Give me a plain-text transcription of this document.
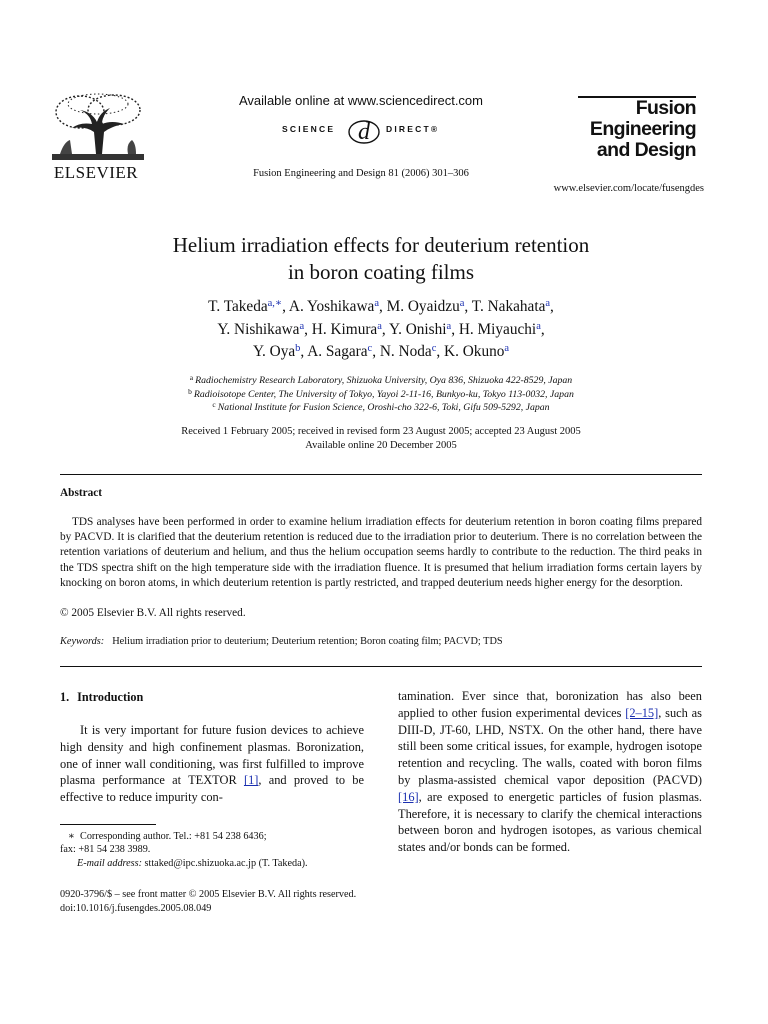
ELSEVIER
Available online at www.sciencedirect.com
SCIENCE d DIRECT®
Fusion Engineering and Design 81 (2006) 301–306
Fusion
Engineering
and Design
www.elsevier.com/locate/fusengdes
Helium irradiation effects for deuterium retention
in boron coating films
T. Takeda$^{a,∗}$, A. Yoshikawa$^a$, M. Oyaidzu$^a$, T. Nakahata$^a$,
Y. Nishikawa$^a$, H. Kimura$^a$, Y. Onishi$^a$, H. Miyauchi$^a$,
Y. Oya$^b$, A. Sagara$^c$, N. Noda$^c$, K. Okuno$^a$
$^a$ Radiochemistry Research Laboratory, Shizuoka University, Oya 836, Shizuoka 422-8529, Japan
$^b$ Radioisotope Center, The University of Tokyo, Yayoi 2-11-16, Bunkyo-ku, Tokyo 113-0032, Japan
$^c$ National Institute for Fusion Science, Oroshi-cho 322-6, Toki, Gifu 509-5292, Japan
Received 1 February 2005; received in revised form 23 August 2005; accepted 23 August 2005
Available online 20 December 2005
Abstract
TDS analyses have been performed in order to examine helium irradiation effects for deuterium retention in boron coating films prepared by PACVD. It is clarified that the deuterium retention is reduced due to the irradiation prior to deuterium. There is no correlation between the retention variations of deuterium and helium, and thus the helium occupation seems hardly to contribute to the reduction. The third peaks in the TDS spectra shift on the high temperature side with the irradiation fluence. It is presumed that helium irradiation forms certain layers by knocking on boron atoms, in which deuterium retention is partly restricted, and trapped deuterium needs higher energy for the desorption.
© 2005 Elsevier B.V. All rights reserved.
Keywords: Helium irradiation prior to deuterium; Deuterium retention; Boron coating film; PACVD; TDS
1. Introduction
It is very important for future fusion devices to achieve high density and high confinement plasmas. Boronization, one of inner wall conditioning, was first fulfilled to improve plasma performance at TEXTOR [1], and proved to be effective to reduce impurity con-
∗ Corresponding author. Tel.: +81 54 238 6436;
fax: +81 54 238 3989.
E-mail address: sttaked@ipc.shizuoka.ac.jp (T. Takeda).
0920-3796/$ – see front matter © 2005 Elsevier B.V. All rights reserved.
doi:10.1016/j.fusengdes.2005.08.049
tamination. Ever since that, boronization has also been applied to other fusion experimental devices [2–15], such as DIII-D, JT-60, LHD, NSTX. On the other hand, there have still been some critical issues, for example, hydrogen isotope retention and recycling. The walls, coated with boron films by plasma-assisted chemical vapor deposition (PACVD) [16], are exposed to energetic particles of fusion plasmas. Therefore, it is necessary to clarify the chemical interactions between boron and hydrogen isotopes, as various chemical states and/or bonds can be formed.
